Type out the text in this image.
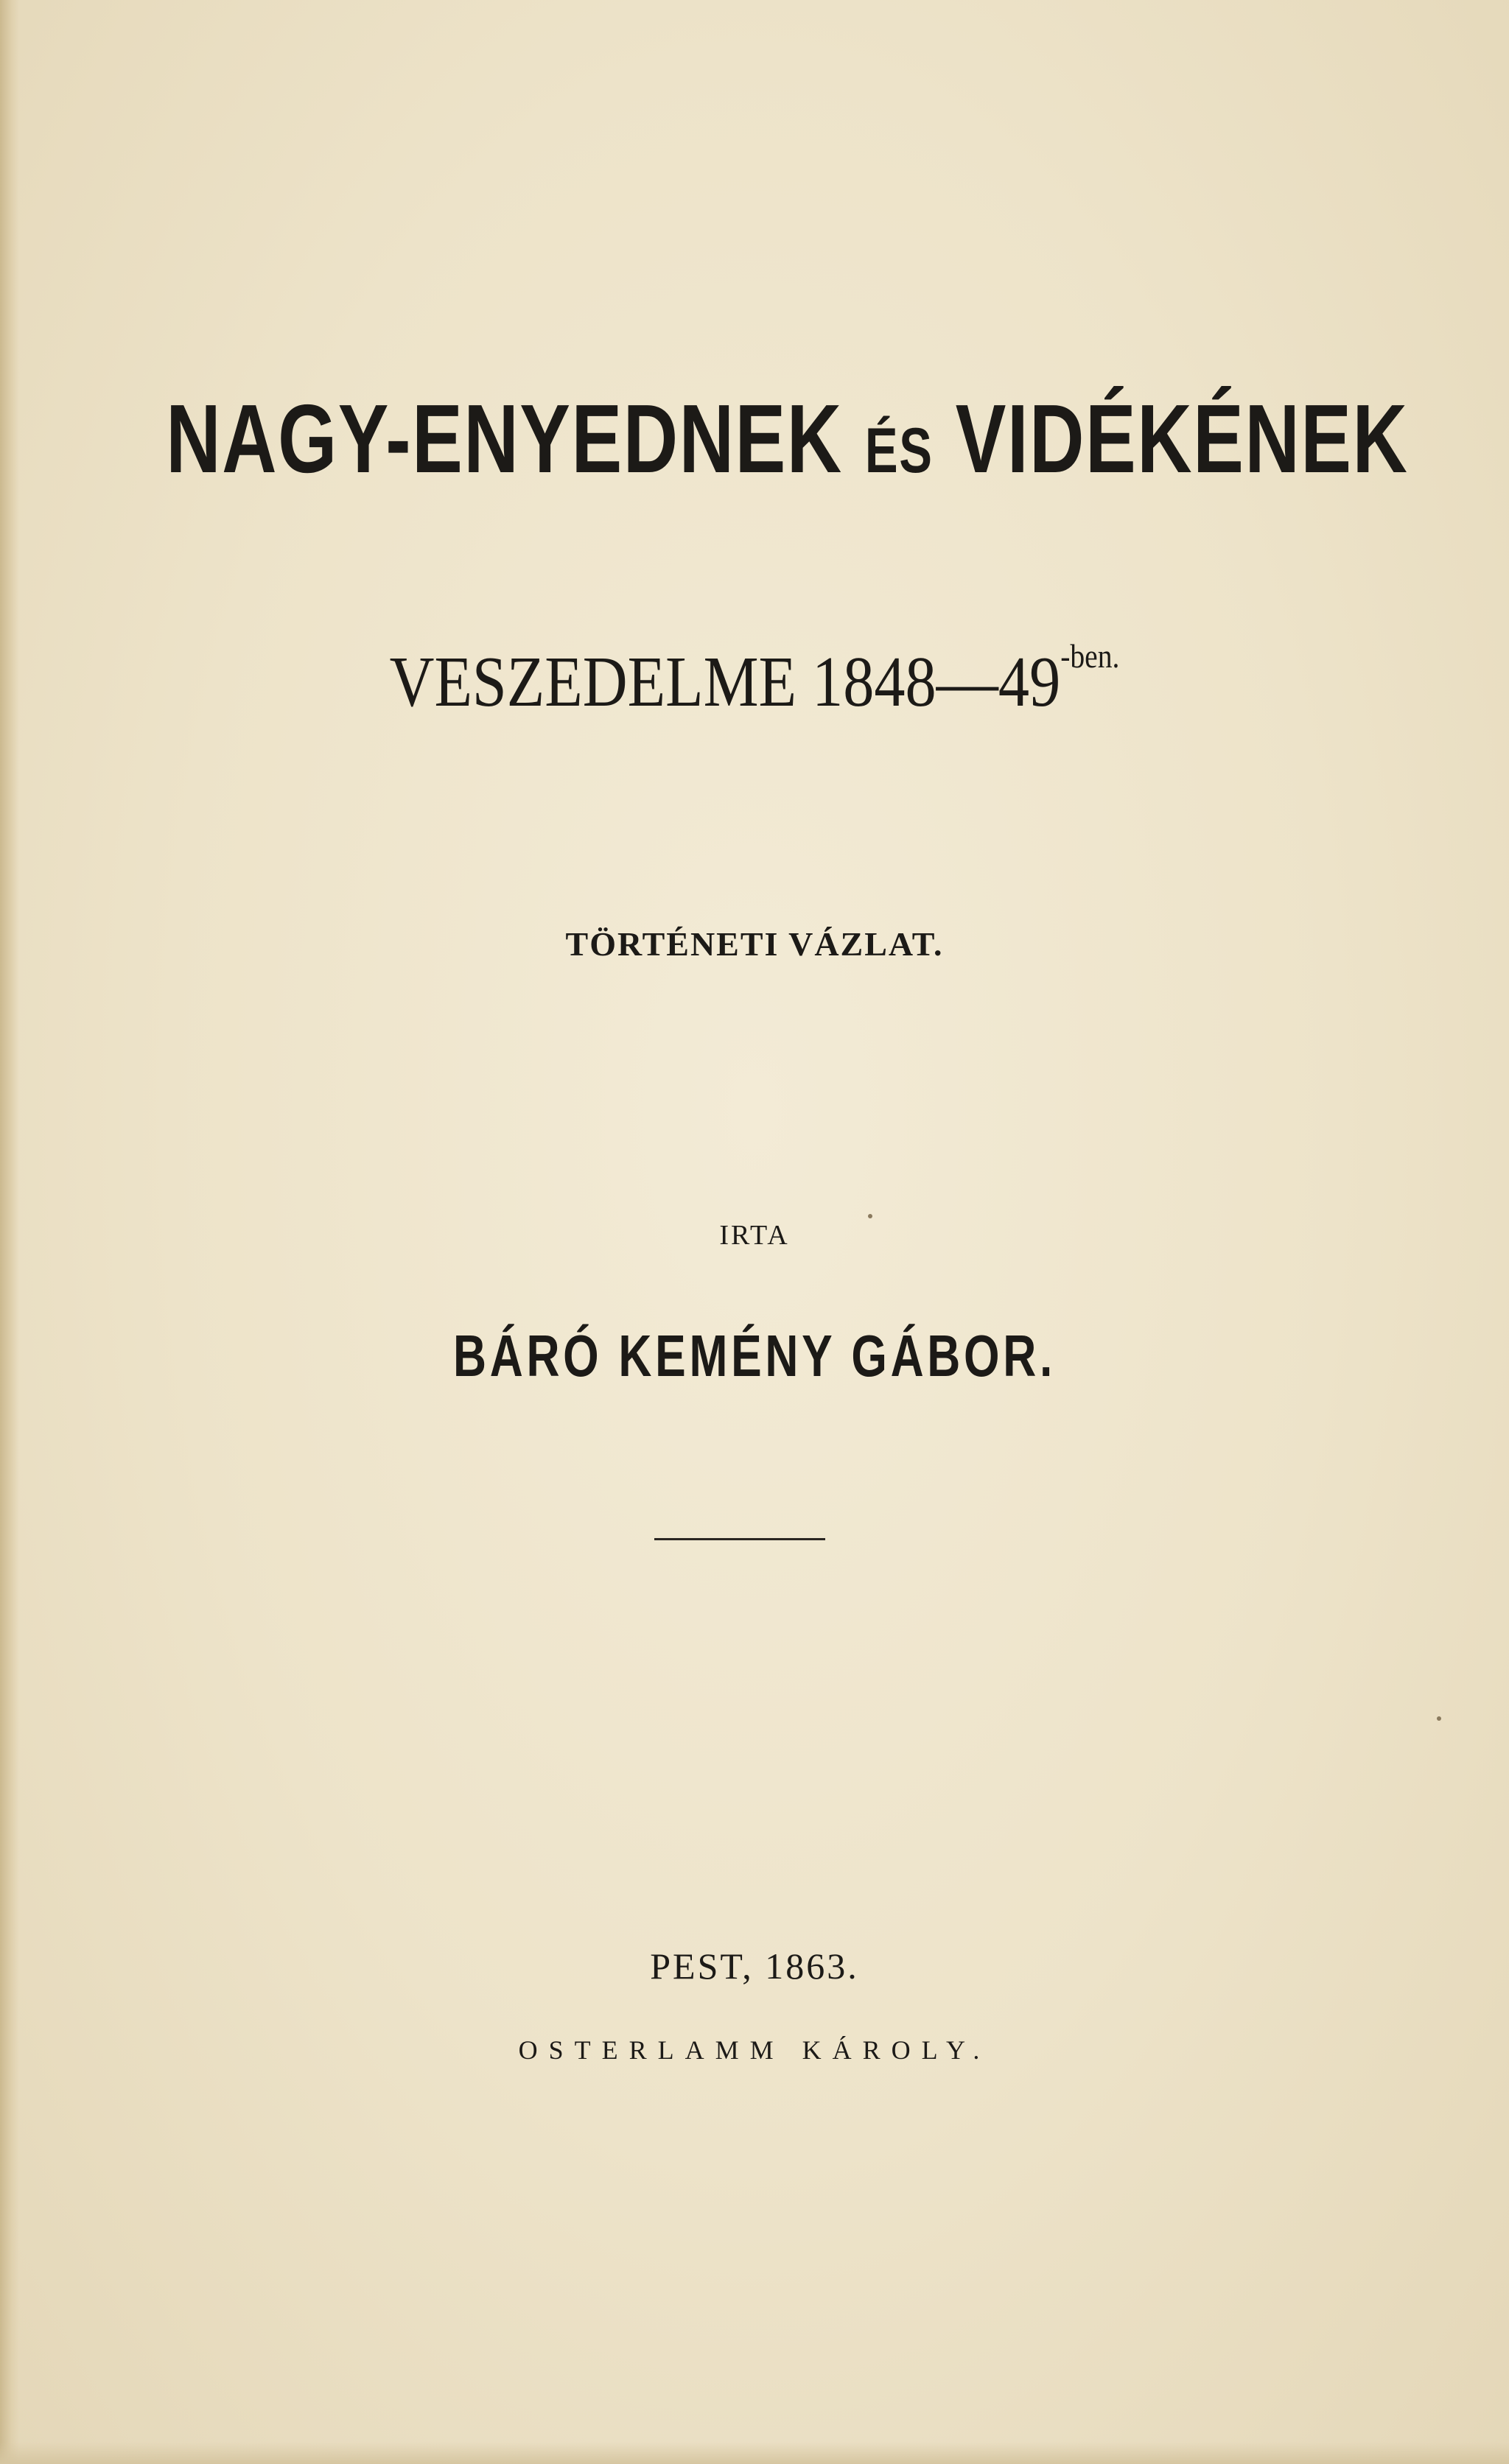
NAGY-ENYEDNEK ÉS VIDÉKÉNEK
VESZEDELME $1848—49^{-ben.}$
TÖRTÉNETI VÁZLAT.
IRTA
BÁRÓ KEMÉNY GÁBOR.
PEST, 1863.
OSTERLAMM KÁROLY.
